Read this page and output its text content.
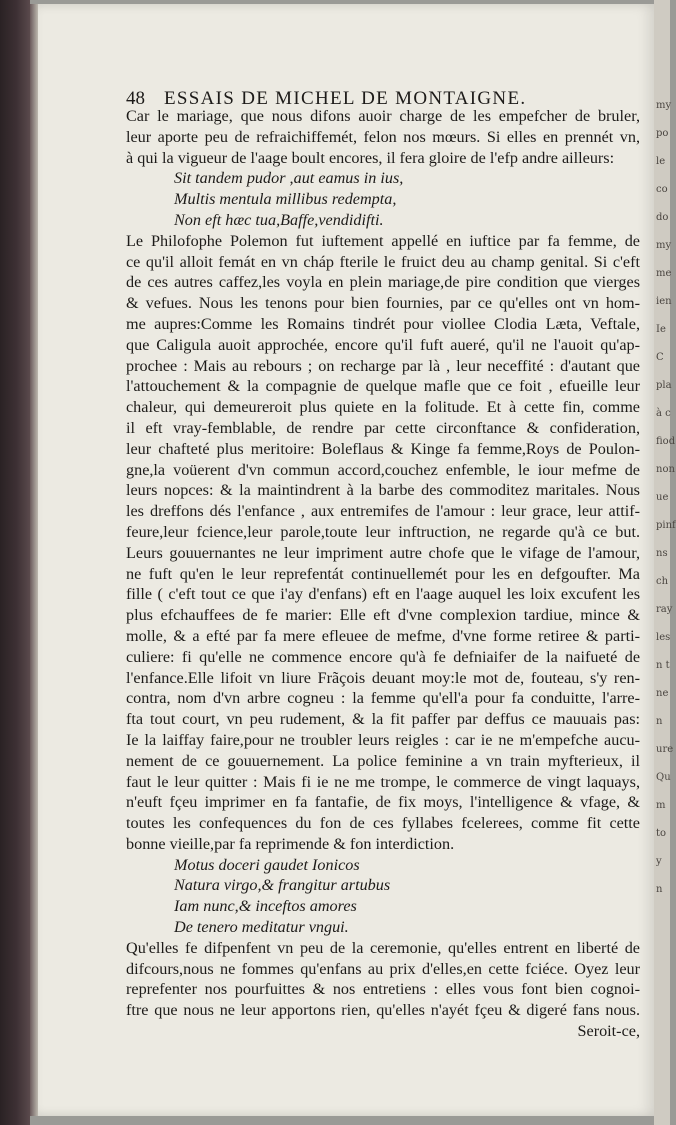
my
po
le
co
do
my
me
ien
Ie
C
pla
à c
fiod
non
ue
pinf
ns
ch
ray
les
n t
ne
n
ure
Qu
m
to
y
n
48 ESSAIS DE MICHEL DE MONTAIGNE.
Car le mariage, que nous difons auoir charge de les empefcher de bruler,
leur aporte peu de refraichiffemét, felon nos mœurs. Si elles en prennét vn,
à qui la vigueur de l'aage boult encores, il fera gloire de l'efp andre ailleurs:
Sit tandem pudor ,aut eamus in ius,
Multis mentula millibus redempta,
Non eft hæc tua,Baffe,vendidifti.
Le Philofophe Polemon fut iuftement appellé en iuftice par fa femme, de
ce qu'il alloit femát en vn cháp fterile le fruict deu au champ genital. Si c'eft
de ces autres caffez,les voyla en plein mariage,de pire condition que vierges
& vefues. Nous les tenons pour bien fournies, par ce qu'elles ont vn hom-
me aupres:Comme les Romains tindrét pour viollee Clodia Læta, Veftale,
que Caligula auoit approchée, encore qu'il fuft aueré, qu'il ne l'auoit qu'ap-
prochee : Mais au rebours ; on recharge par là , leur neceffité : d'autant que
l'attouchement & la compagnie de quelque mafle que ce foit , efueille leur
chaleur, qui demeureroit plus quiete en la folitude. Et à cette fin, comme
il eft vray-femblable, de rendre par cette circonftance & confideration,
leur chafteté plus meritoire: Boleflaus & Kinge fa femme,Roys de Poulon-
gne,la voüerent d'vn commun accord,couchez enfemble, le iour mefme de
leurs nopces: & la maintindrent à la barbe des commoditez maritales. Nous
les dreffons dés l'enfance , aux entremifes de l'amour : leur grace, leur attif-
feure,leur fcience,leur parole,toute leur inftruction, ne regarde qu'à ce but.
Leurs gouuernantes ne leur impriment autre chofe que le vifage de l'amour,
ne fuft qu'en le leur reprefentát continuellemét pour les en defgoufter. Ma
fille ( c'eft tout ce que i'ay d'enfans) eft en l'aage auquel les loix excufent les
plus efchauffees de fe marier: Elle eft d'vne complexion tardiue, mince &
molle, & a efté par fa mere efleuee de mefme, d'vne forme retiree & parti-
culiere: fi qu'elle ne commence encore qu'à fe defniaifer de la naifueté de
l'enfance.Elle lifoit vn liure Frãçois deuant moy:le mot de, fouteau, s'y ren-
contra, nom d'vn arbre cogneu : la femme qu'ell'a pour fa conduitte, l'arre-
fta tout court, vn peu rudement, & la fit paffer par deffus ce mauuais pas:
Ie la laiffay faire,pour ne troubler leurs reigles : car ie ne m'empefche aucu-
nement de ce gouuernement. La police feminine a vn train myfterieux, il
faut le leur quitter : Mais fi ie ne me trompe, le commerce de vingt laquays,
n'euft fçeu imprimer en fa fantafie, de fix moys, l'intelligence & vfage, &
toutes les confequences du fon de ces fyllabes fcelerees, comme fit cette
bonne vieille,par fa reprimende & fon interdiction.
Motus doceri gaudet Ionicos
Natura virgo,& frangitur artubus
Iam nunc,& inceftos amores
De tenero meditatur vngui.
Qu'elles fe difpenfent vn peu de la ceremonie, qu'elles entrent en liberté de
difcours,nous ne fommes qu'enfans au prix d'elles,en cette fciéce. Oyez leur
reprefenter nos pourfuittes & nos entretiens : elles vous font bien cognoi-
ftre que nous ne leur apportons rien, qu'elles n'ayét fçeu & digeré fans nous.
Seroit-ce,
